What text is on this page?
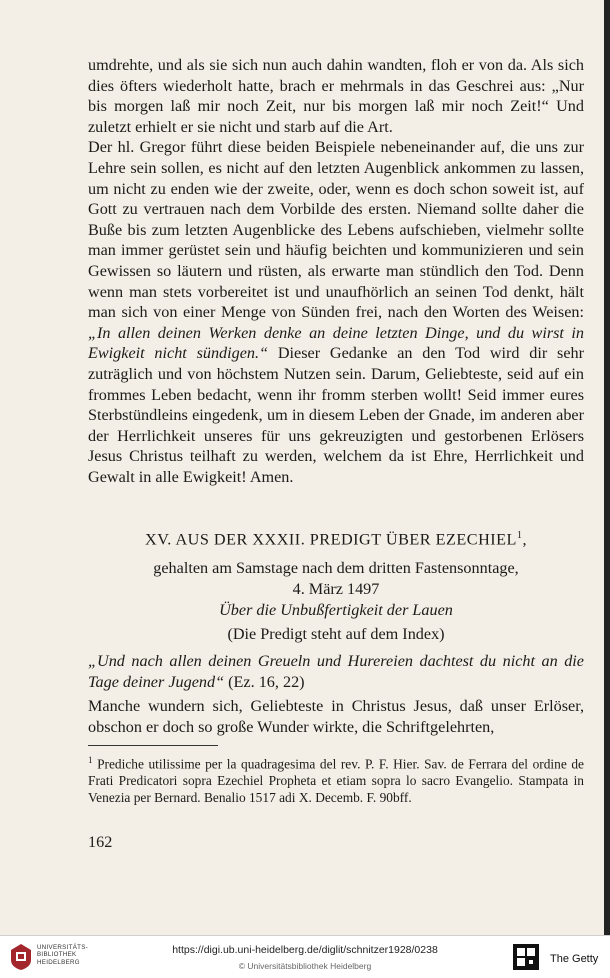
umdrehte, und als sie sich nun auch dahin wandten, floh er von da. Als sich dies öfters wiederholt hatte, brach er mehrmals in das Geschrei aus: „Nur bis morgen laß mir noch Zeit, nur bis morgen laß mir noch Zeit!“ Und zuletzt erhielt er sie nicht und starb auf die Art.

Der hl. Gregor führt diese beiden Beispiele nebeneinander auf, die uns zur Lehre sein sollen, es nicht auf den letzten Augenblick ankommen zu lassen, um nicht zu enden wie der zweite, oder, wenn es doch schon soweit ist, auf Gott zu vertrauen nach dem Vorbilde des ersten. Niemand sollte daher die Buße bis zum letzten Augenblicke des Lebens aufschieben, vielmehr sollte man immer gerüstet sein und häufig beichten und kommunizieren und sein Gewissen so läutern und rüsten, als erwarte man stündlich den Tod. Denn wenn man stets vorbereitet ist und unaufhörlich an seinen Tod denkt, hält man sich von einer Menge von Sünden frei, nach den Worten des Weisen: „In allen deinen Werken denke an deine letzten Dinge, und du wirst in Ewigkeit nicht sündigen.“ Dieser Gedanke an den Tod wird dir sehr zuträglich und von höchstem Nutzen sein. Darum, Geliebteste, seid auf ein frommes Leben bedacht, wenn ihr fromm sterben wollt! Seid immer eures Sterbstündleins eingedenk, um in diesem Leben der Gnade, im anderen aber der Herrlichkeit unseres für uns gekreuzigten und gestorbenen Erlösers Jesus Christus teilhaft zu werden, welchem da ist Ehre, Herrlichkeit und Gewalt in alle Ewigkeit! Amen.

XV. AUS DER XXXII. PREDIGT ÜBER EZECHIEL$^1$,
gehalten am Samstage nach dem dritten Fastensonntage,
4. März 1497
Über die Unbußfertigkeit der Lauen
(Die Predigt steht auf dem Index)
„Und nach allen deinen Greueln und Hurereien dachtest du nicht an die Tage deiner Jugend“ (Ez. 16, 22)
Manche wundern sich, Geliebteste in Christus Jesus, daß unser Erlöser, obschon er doch so große Wunder wirkte, die Schriftgelehrten,
$^1$ Prediche utilissime per la quadragesima del rev. P. F. Hier. Sav. de Ferrara del ordine de Frati Predicatori sopra Ezechiel Propheta et etiam sopra lo sacro Evangelio. Stampata in Venezia per Bernard. Benalio 1517 adi X. Decemb. F. 90bff.
162
UNIVERSITÄTS-
BIBLIOTHEK
HEIDELBERG
https://digi.ub.uni-heidelberg.de/diglit/schnitzer1928/0238
© Universitätsbibliothek Heidelberg
The Getty
